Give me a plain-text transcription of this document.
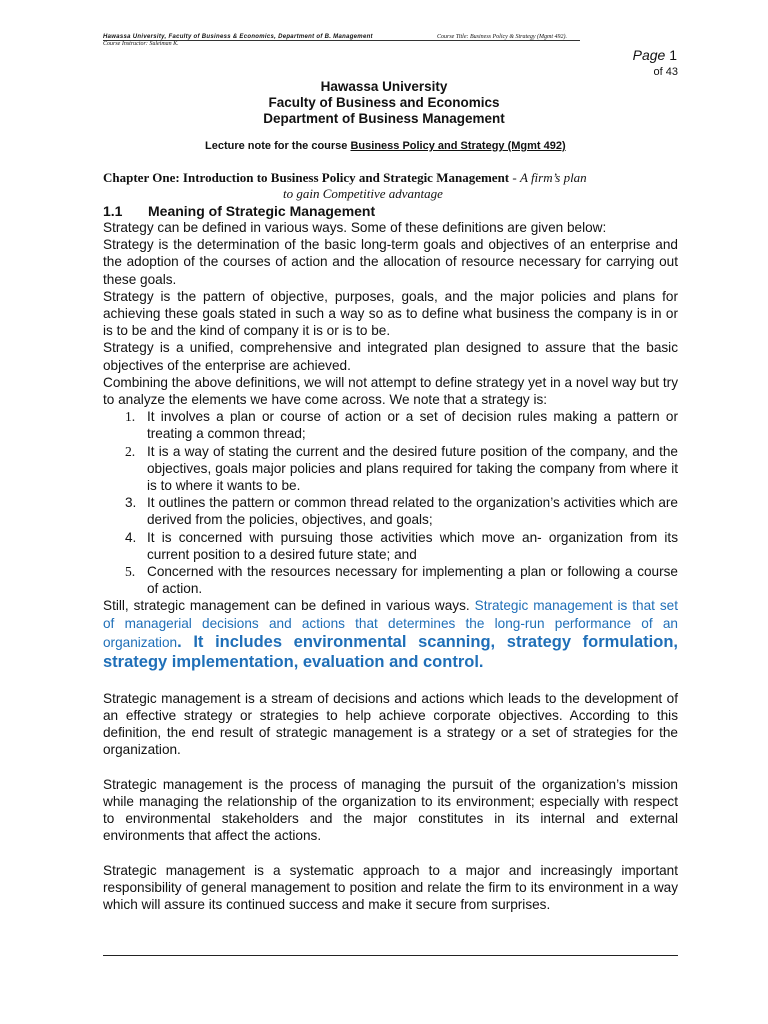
Hawassa University, Faculty of Business & Economics, Department of B. Management	Course Title: Business Policy & Strategy (Mgmt 492).
Course Instructor: Suleiman K.
Page 1
of 43
Hawassa University
Faculty of Business and Economics
Department of Business Management
Lecture note for the course Business Policy and Strategy (Mgmt 492)
Chapter One: Introduction to Business Policy and Strategic Management - A firm’s plan
to gain Competitive advantage
1.1 Meaning of Strategic Management

Strategy can be defined in various ways. Some of these definitions are given below:

Strategy is the determination of the basic long-term goals and objectives of an enterprise and the adoption of the courses of action and the allocation of resource necessary for carrying out these goals.

Strategy is the pattern of objective, purposes, goals, and the major policies and plans for achieving these goals stated in such a way so as to define what business the company is in or is to be and the kind of company it is or is to be.

Strategy is a unified, comprehensive and integrated plan designed to assure that the basic objectives of the enterprise are achieved.

Combining the above definitions, we will not attempt to define strategy yet in a novel way but try to analyze the elements we have come across. We note that a strategy is:

1. It involves a plan or course of action or a set of decision rules making a pattern or treating a common thread;
2. It is a way of stating the current and the desired future position of the company, and the objectives, goals major policies and plans required for taking the company from where it is to where it wants to be.
3. It outlines the pattern or common thread related to the organization’s activities which are derived from the policies, objectives, and goals;
4. It is concerned with pursuing those activities which move an- organization from its current position to a desired future state; and
5. Concerned with the resources necessary for implementing a plan or following a course of action.

Still, strategic management can be defined in various ways. Strategic management is that set of managerial decisions and actions that determines the long-run performance of an organization. It includes environmental scanning, strategy formulation, strategy implementation, evaluation and control.

Strategic management is a stream of decisions and actions which leads to the development of an effective strategy or strategies to help achieve corporate objectives. According to this definition, the end result of strategic management is a strategy or a set of strategies for the organization.

Strategic management is the process of managing the pursuit of the organization’s mission while managing the relationship of the organization to its environment; especially with respect to environmental stakeholders and the major constitutes in its internal and external environments that affect the actions.

Strategic management is a systematic approach to a major and increasingly important responsibility of general management to position and relate the firm to its environment in a way which will assure its continued success and make it secure from surprises.
